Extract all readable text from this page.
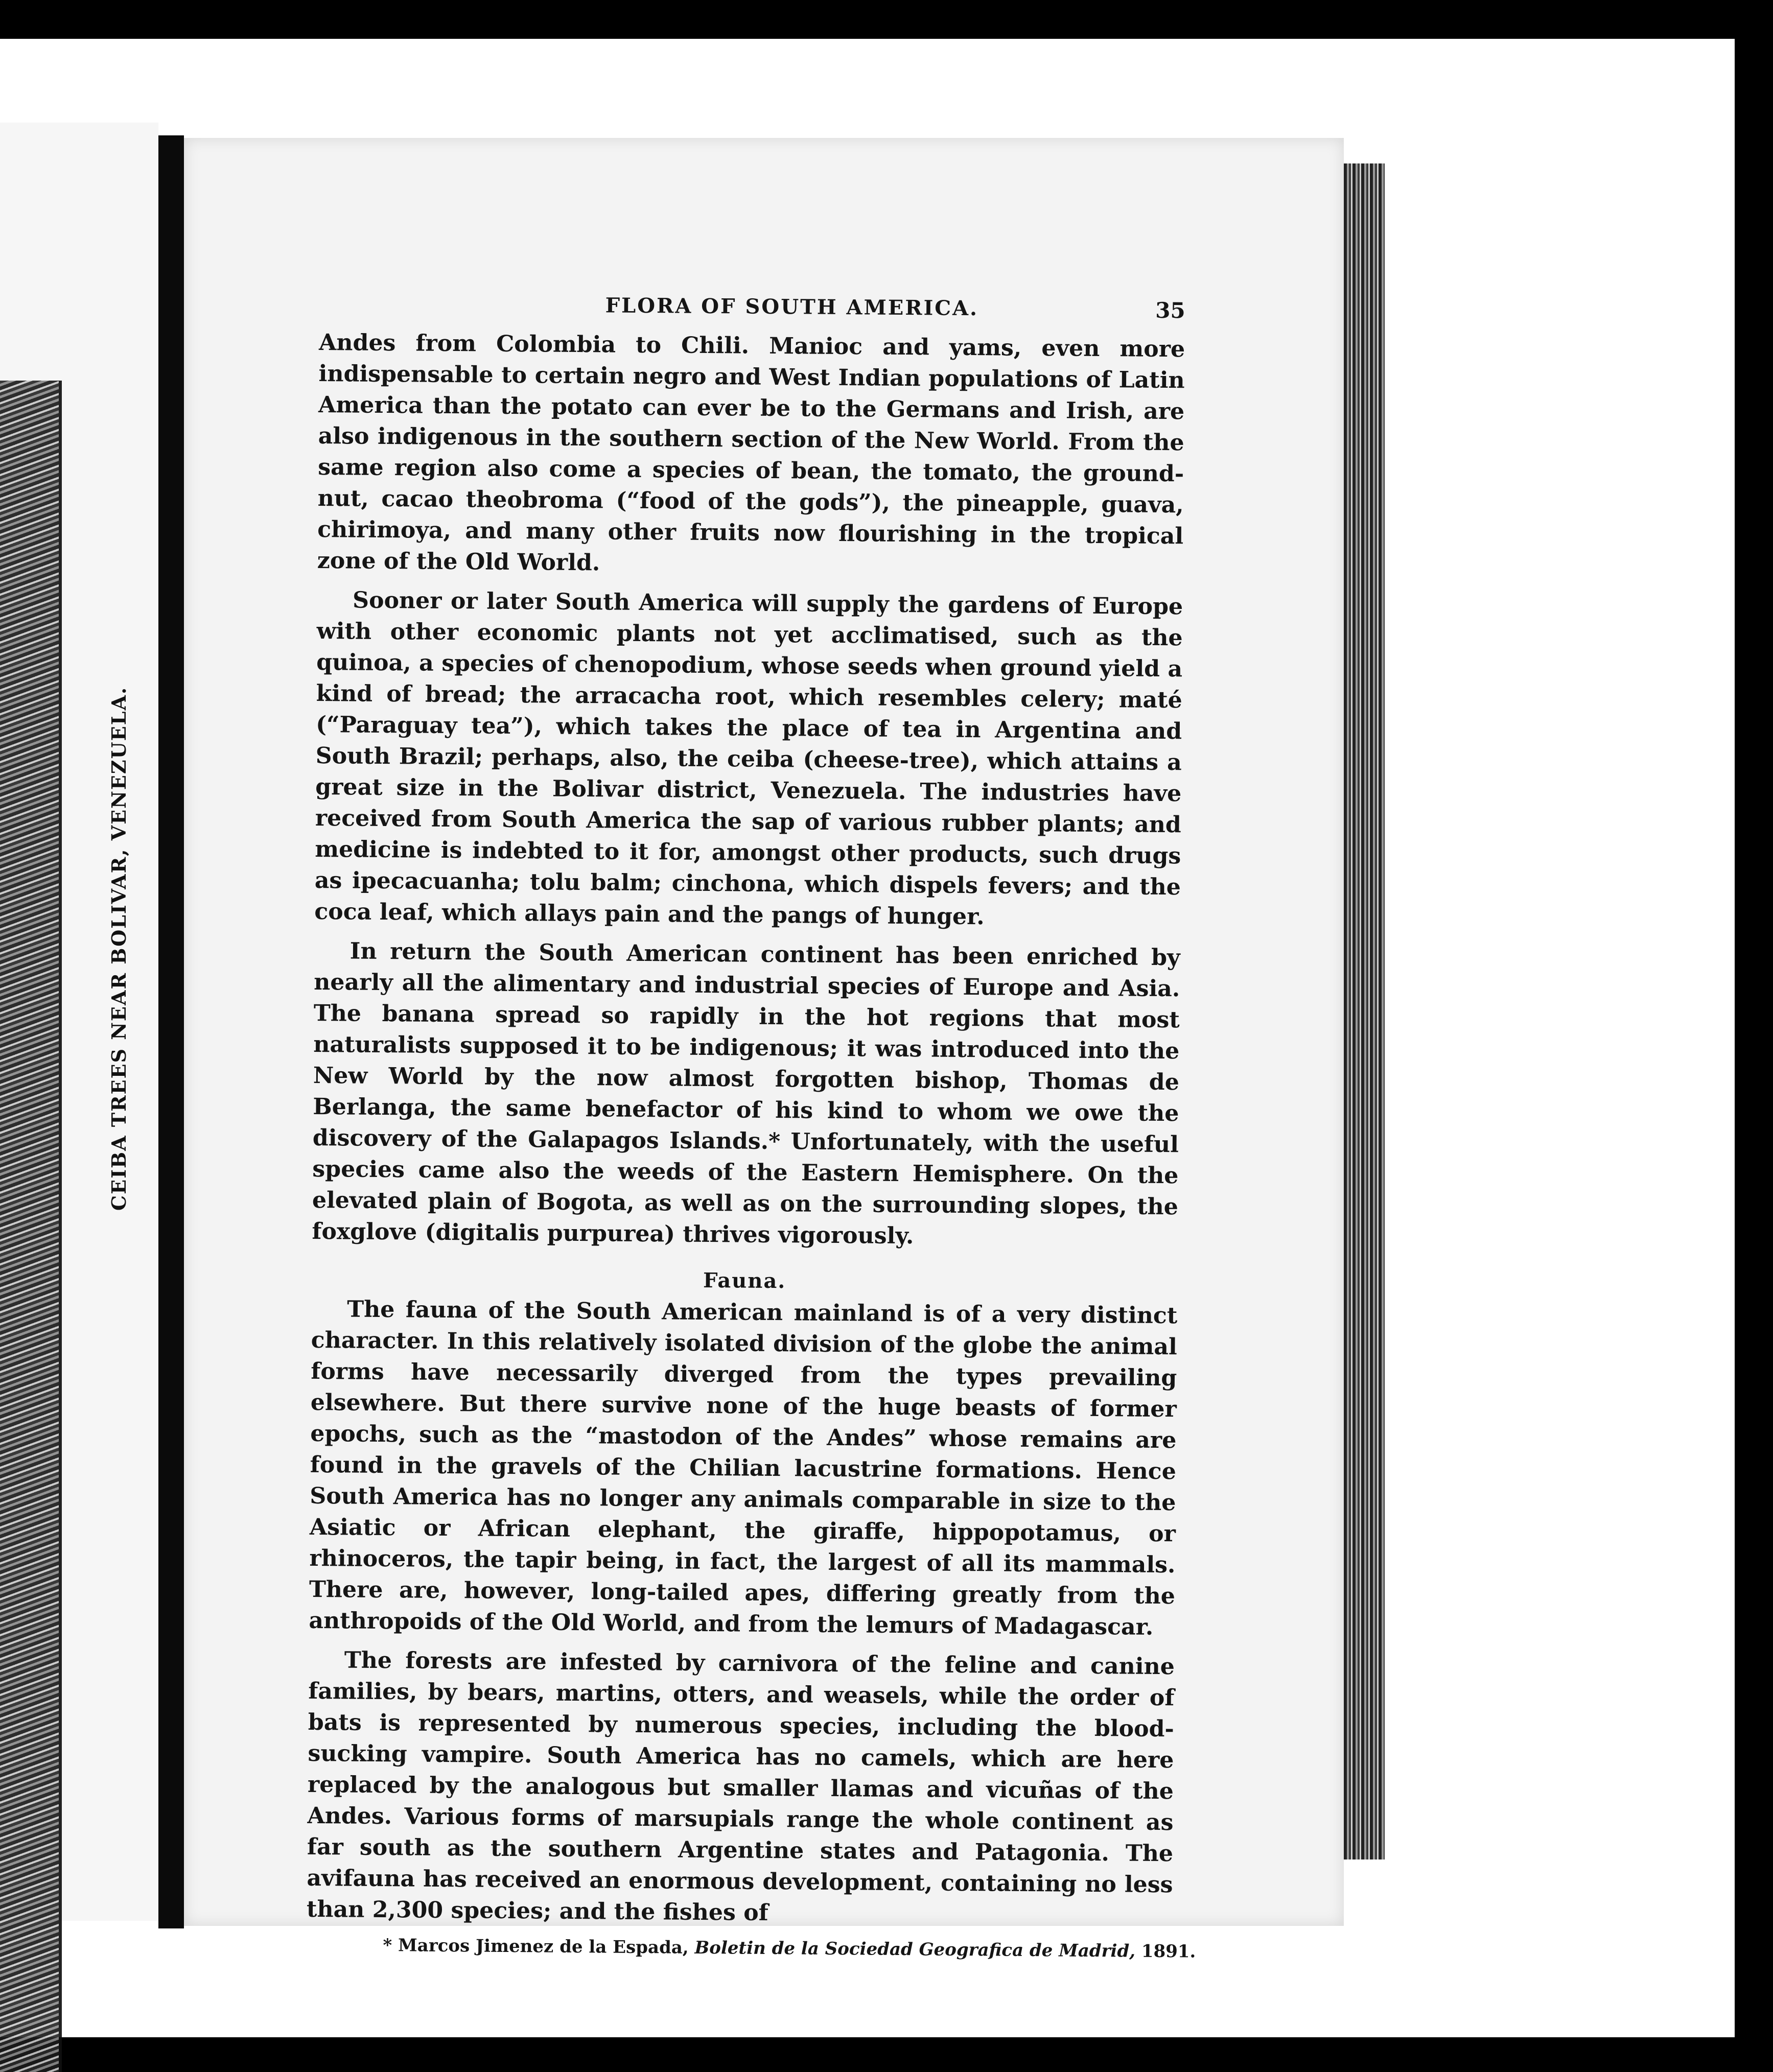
CEIBA TREES NEAR BOLIVAR, VENEZUELA.
FLORA OF SOUTH AMERICA.	35

Andes from Colombia to Chili. Manioc and yams, even more indispensable to certain negro and West Indian populations of Latin America than the potato can ever be to the Germans and Irish, are also indigenous in the southern section of the New World. From the same region also come a species of bean, the tomato, the ground-nut, cacao theobroma (“food of the gods”), the pineapple, guava, chirimoya, and many other fruits now flourishing in the tropical zone of the Old World.

Sooner or later South America will supply the gardens of Europe with other economic plants not yet acclimatised, such as the quinoa, a species of chenopodium, whose seeds when ground yield a kind of bread; the arracacha root, which resembles celery; maté (“Paraguay tea”), which takes the place of tea in Argentina and South Brazil; perhaps, also, the ceiba (cheese-tree), which attains a great size in the Bolivar district, Venezuela. The industries have received from South America the sap of various rubber plants; and medicine is indebted to it for, amongst other products, such drugs as ipecacuanha; tolu balm; cinchona, which dispels fevers; and the coca leaf, which allays pain and the pangs of hunger.

In return the South American continent has been enriched by nearly all the alimentary and industrial species of Europe and Asia. The banana spread so rapidly in the hot regions that most naturalists supposed it to be indigenous; it was introduced into the New World by the now almost forgotten bishop, Thomas de Berlanga, the same benefactor of his kind to whom we owe the discovery of the Galapagos Islands.* Unfortunately, with the useful species came also the weeds of the Eastern Hemisphere. On the elevated plain of Bogota, as well as on the surrounding slopes, the foxglove (digitalis purpurea) thrives vigorously.

Fauna.

The fauna of the South American mainland is of a very distinct character. In this relatively isolated division of the globe the animal forms have necessarily diverged from the types prevailing elsewhere. But there survive none of the huge beasts of former epochs, such as the “mastodon of the Andes” whose remains are found in the gravels of the Chilian lacustrine formations. Hence South America has no longer any animals comparable in size to the Asiatic or African elephant, the giraffe, hippopotamus, or rhinoceros, the tapir being, in fact, the largest of all its mammals. There are, however, long-tailed apes, differing greatly from the anthropoids of the Old World, and from the lemurs of Madagascar.

The forests are infested by carnivora of the feline and canine families, by bears, martins, otters, and weasels, while the order of bats is represented by numerous species, including the blood-sucking vampire. South America has no camels, which are here replaced by the analogous but smaller llamas and vicuñas of the Andes. Various forms of marsupials range the whole continent as far south as the southern Argentine states and Patagonia. The avifauna has received an enormous development, containing no less than 2,300 species; and the fishes of

* Marcos Jimenez de la Espada, Boletin de la Sociedad Geografica de Madrid, 1891.
